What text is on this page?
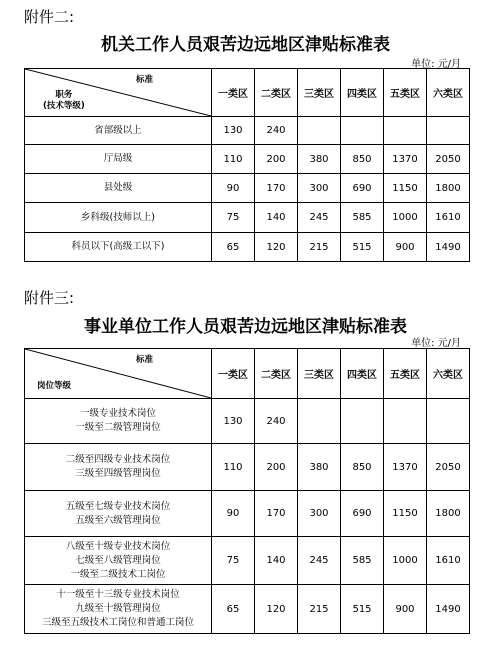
附件二:
机关工作人员艰苦边远地区津贴标准表
单位: 元/月
标准
职务
(技术等级)	一类区	二类区	三类区	四类区	五类区	六类区

省部级以上	130	240				

厅局级	110	200	380	850	1370	2050

县处级	90	170	300	690	1150	1800

乡科级(技师以上)	75	140	245	585	1000	1610

科员以下(高级工以下)	65	120	215	515	900	1490
附件三:
事业单位工作人员艰苦边远地区津贴标准表
单位: 元/月
标准
岗位等级	一类区	二类区	三类区	四类区	五类区	六类区

一级专业技术岗位
一级至二级管理岗位	130	240				

二级至四级专业技术岗位
三级至四级管理岗位	110	200	380	850	1370	2050

五级至七级专业技术岗位
五级至六级管理岗位	90	170	300	690	1150	1800

八级至十级专业技术岗位
七级至八级管理岗位
一级至二级技术工岗位	75	140	245	585	1000	1610

十一级至十三级专业技术岗位
九级至十级管理岗位
三级至五级技术工岗位和普通工岗位	65	120	215	515	900	1490
